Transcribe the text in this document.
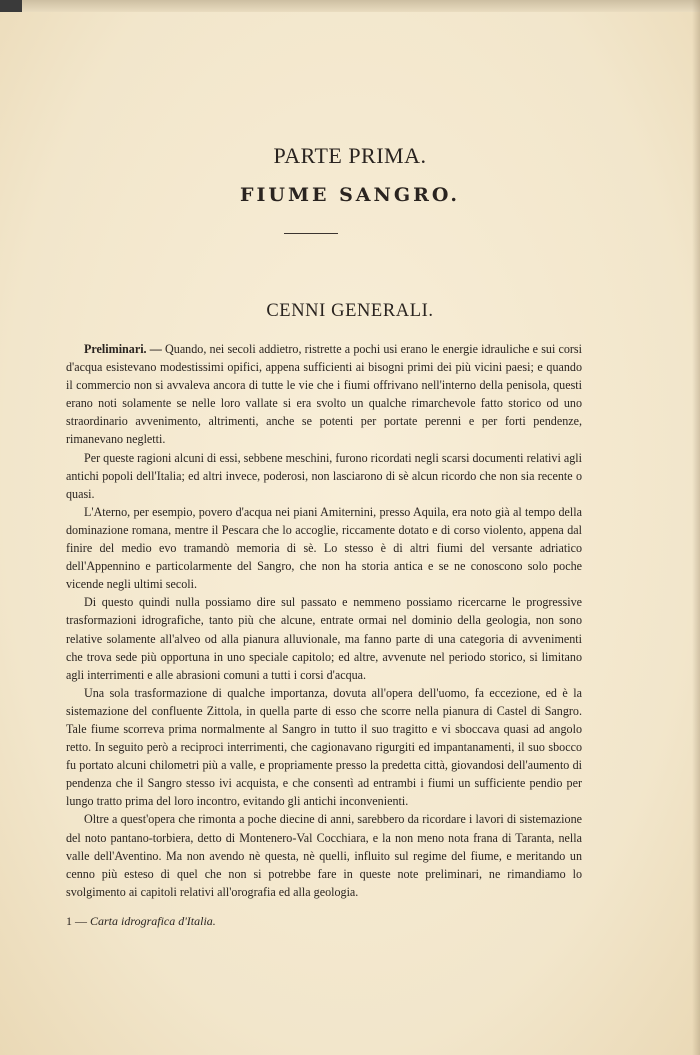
PARTE PRIMA.
FIUME SANGRO.
CENNI GENERALI.

Preliminari. — Quando, nei secoli addietro, ristrette a pochi usi erano le energie idrauliche e sui corsi d'acqua esistevano modestissimi opifici, appena sufficienti ai bisogni primi dei più vicini paesi; e quando il commercio non si avvaleva ancora di tutte le vie che i fiumi offrivano nell'interno della penisola, questi erano noti solamente se nelle loro vallate si era svolto un qualche rimarchevole fatto storico od uno straordinario avvenimento, altrimenti, anche se potenti per portate perenni e per forti pendenze, rimanevano negletti.

Per queste ragioni alcuni di essi, sebbene meschini, furono ricordati negli scarsi documenti relativi agli antichi popoli dell'Italia; ed altri invece, poderosi, non lasciarono di sè alcun ricordo che non sia recente o quasi.

L'Aterno, per esempio, povero d'acqua nei piani Amiternini, presso Aquila, era noto già al tempo della dominazione romana, mentre il Pescara che lo accoglie, riccamente dotato e di corso violento, appena dal finire del medio evo tramandò memoria di sè. Lo stesso è di altri fiumi del versante adriatico dell'Appennino e particolarmente del Sangro, che non ha storia antica e se ne conoscono solo poche vicende negli ultimi secoli.

Di questo quindi nulla possiamo dire sul passato e nemmeno possiamo ricercarne le progressive trasformazioni idrografiche, tanto più che alcune, entrate ormai nel dominio della geologia, non sono relative solamente all'alveo od alla pianura alluvionale, ma fanno parte di una categoria di avvenimenti che trova sede più opportuna in uno speciale capitolo; ed altre, avvenute nel periodo storico, si limitano agli interrimenti e alle abrasioni comuni a tutti i corsi d'acqua.

Una sola trasformazione di qualche importanza, dovuta all'opera dell'uomo, fa eccezione, ed è la sistemazione del confluente Zittola, in quella parte di esso che scorre nella pianura di Castel di Sangro. Tale fiume scorreva prima normalmente al Sangro in tutto il suo tragitto e vi sboccava quasi ad angolo retto. In seguito però a reciproci interrimenti, che cagionavano rigurgiti ed impantanamenti, il suo sbocco fu portato alcuni chilometri più a valle, e propriamente presso la predetta città, giovandosi dell'aumento di pendenza che il Sangro stesso ivi acquista, e che consentì ad entrambi i fiumi un sufficiente pendio per lungo tratto prima del loro incontro, evitando gli antichi inconvenienti.

Oltre a quest'opera che rimonta a poche diecine di anni, sarebbero da ricordare i lavori di sistemazione del noto pantano-torbiera, detto di Montenero-Val Cocchiara, e la non meno nota frana di Taranta, nella valle dell'Aventino. Ma non avendo nè questa, nè quelli, influito sul regime del fiume, e meritando un cenno più esteso di quel che non si potrebbe fare in queste note preliminari, ne rimandiamo lo svolgimento ai capitoli relativi all'orografia ed alla geologia.

1 — Carta idrografica d'Italia.
